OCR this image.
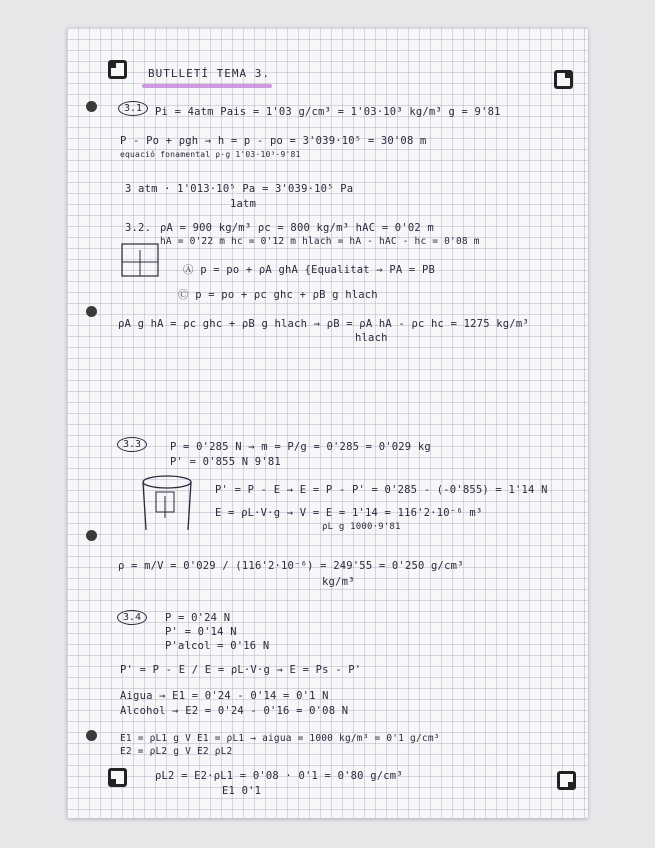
BUTLLETÍ TEMA 3.
3.1	Pi = 4atm Pais = 1'03 g/cm³ = 1'03·10³ kg/m³ g = 9'81
P - Po + ρgh → h = p - po = 3'039·10⁵ = 30'08 m
equació fonamental ρ·g 1'03·10³·9'81
3 atm · 1'013·10⁵ Pa = 3'039·10⁵ Pa
1atm
3.2. ρA = 900 kg/m³ ρc = 800 kg/m³ hAC = 0'02 m
hA = 0'22 m hc = 0'12 m hlach = hA - hAC - hc = 0'08 m
Ⓐ p = po + ρA ghA {Equalitat → PA = PB
Ⓒ p = po + ρc ghc + ρB g hlach
ρA g hA = ρc ghc + ρB g hlach → ρB = ρA hA - ρc hc = 1275 kg/m³
hlach
3.3	P = 0'285 N → m = P/g = 0'285 = 0'029 kg
P' = 0'855 N 9'81
P' = P - E → E = P - P' = 0'285 - (-0'855) = 1'14 N
E = ρL·V·g → V = E = 1'14 = 116'2·10⁻⁶ m³
ρL g 1000·9'81
ρ = m/V = 0'029 / (116'2·10⁻⁶) = 249'55 = 0'250 g/cm³
kg/m³
3.4	P = 0'24 N
P' = 0'14 N
P'alcol = 0'16 N
P' = P - E / E = ρL·V·g → E = Ps - P'
Aigua → E1 = 0'24 - 0'14 = 0'1 N
Alcohol → E2 = 0'24 - 0'16 = 0'08 N
E1 = ρL1 g V E1 = ρL1 → aigua = 1000 kg/m³ = 0'1 g/cm³
E2 = ρL2 g V E2 ρL2
ρL2 = E2·ρL1 = 0'08 · 0'1 = 0'80 g/cm³
E1 0'1
